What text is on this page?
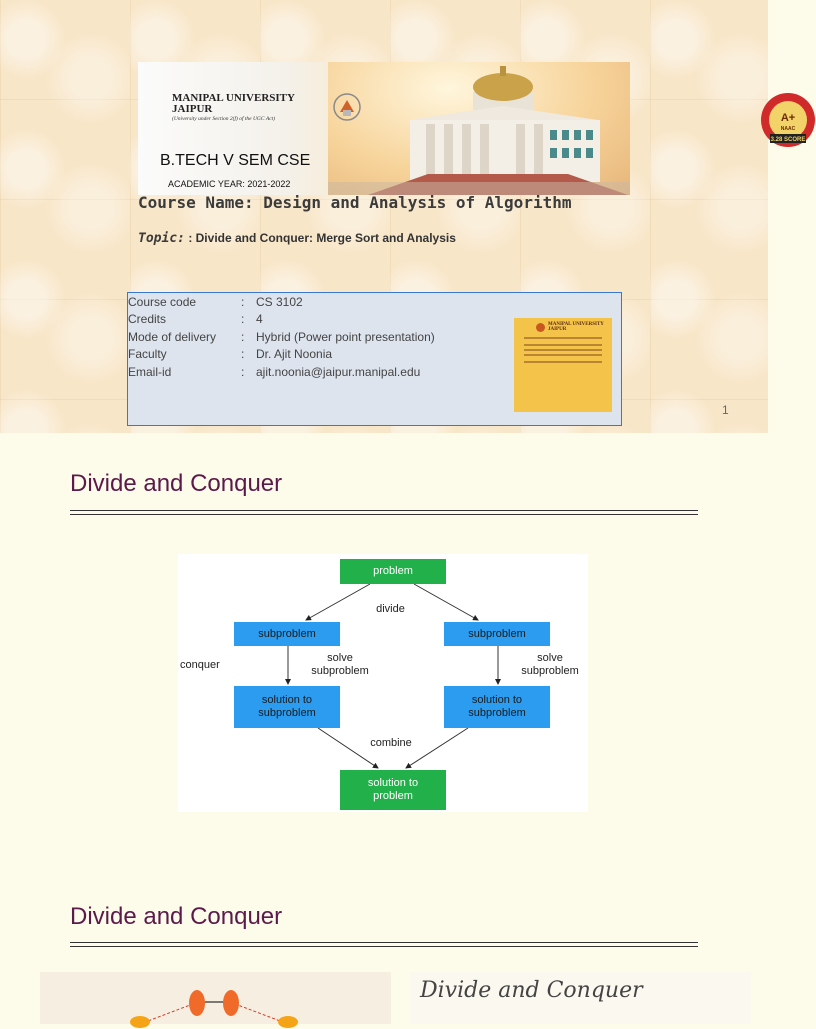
MANIPAL UNIVERSITY
JAIPUR
(University under Section 2(f) of the UGC Act)
B.TECH V SEM CSE
ACADEMIC YEAR: 2021-2022
A+
NAAC
3.28 SCORE
Course Name: Design and Analysis of Algorithm
Topic: : Divide and Conquer: Merge Sort and Analysis
Course code	: CS 3102
Credits	: 4
Mode of delivery : Hybrid (Power point presentation)
Faculty	: Dr. Ajit Noonia
Email-id	: ajit.noonia@jaipur.manipal.edu
MANIPAL UNIVERSITY
JAIPUR
1
Divide and Conquer
problem
divide
subproblem	subproblem
conquer
solve
subproblem
solve
subproblem
solution to
subproblem
solution to
subproblem
combine
solution to
problem
Divide and Conquer
Divide and Conquer
